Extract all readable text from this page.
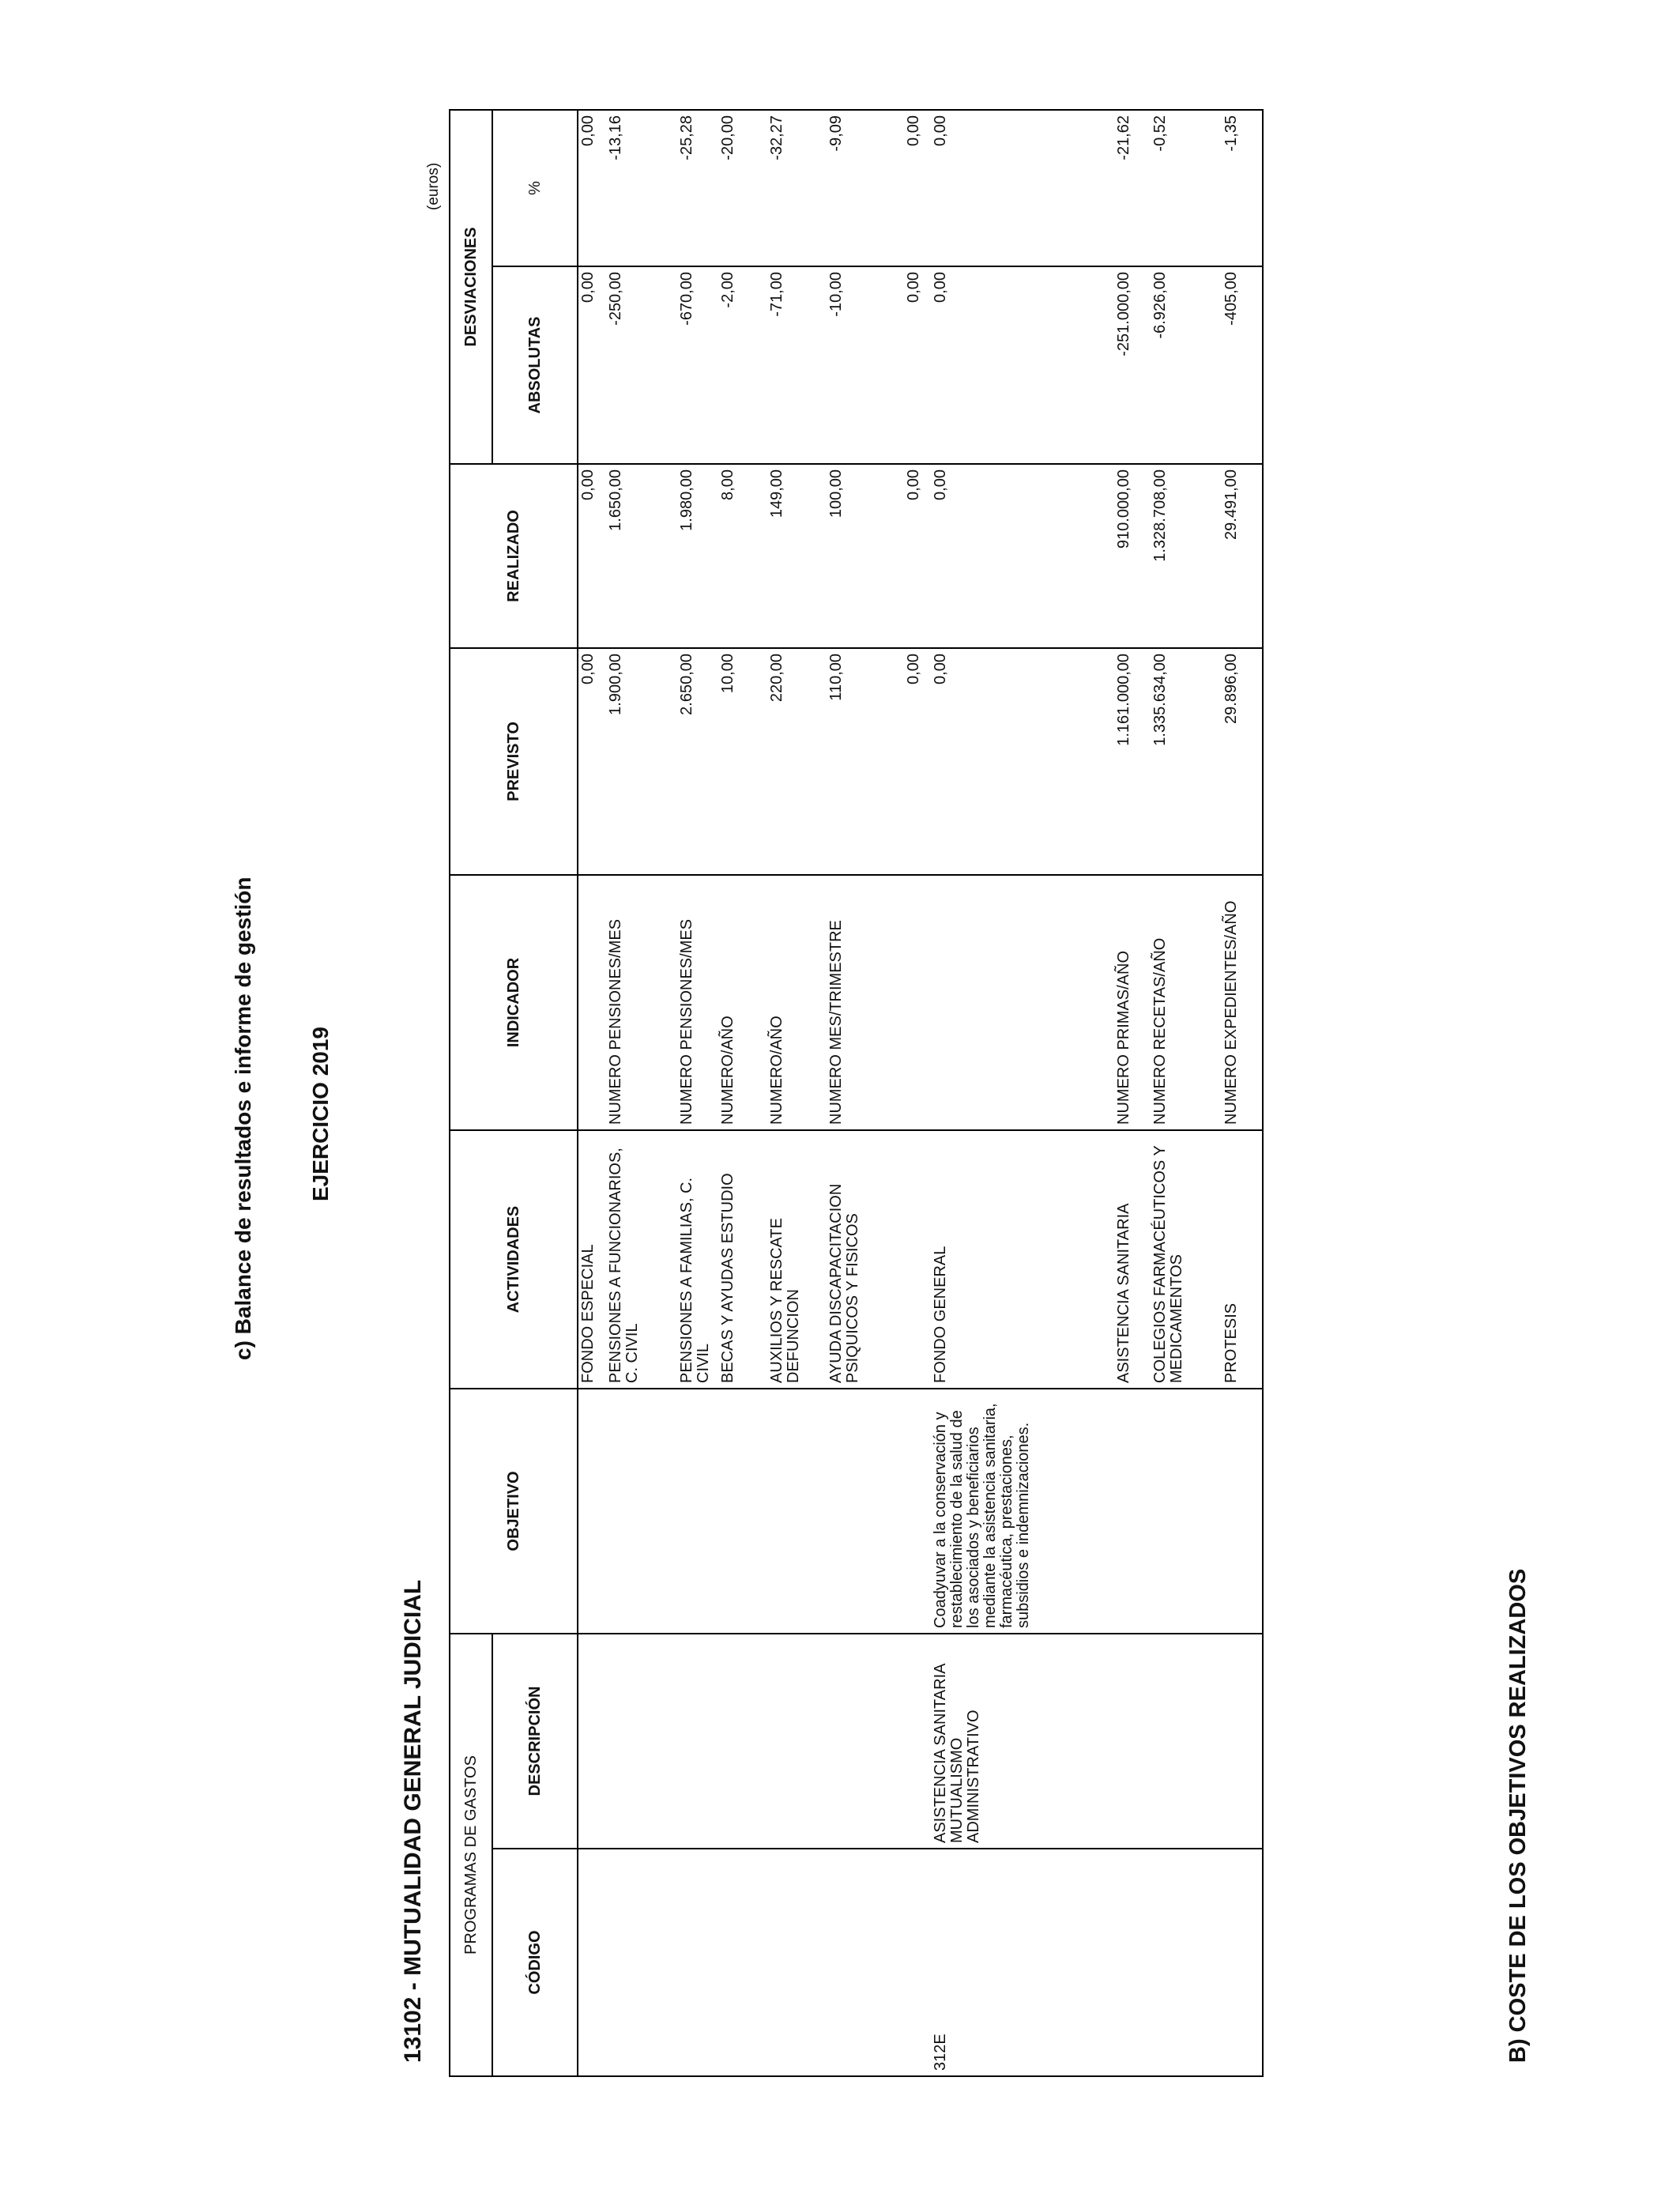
c) Balance de resultados e informe de gestión EJERCICIO 2019
13102 - MUTUALIDAD GENERAL JUDICIAL
(euros)
PROGRAMAS DE GASTOS		OBJETIVO	ACTIVIDADES	INDICADOR	PREVISTO	REALIZADO	DESVIACIONES	
CÓDIGO	DESCRIPCIÓN						ABSOLUTAS	%
			FONDO ESPECIAL		0,00	0,00	0,00	0,00
			PENSIONES A FUNCIONARIOS, C. CIVIL	NUMERO PENSIONES/MES	1.900,00	1.650,00	-250,00	-13,16
			PENSIONES A FAMILIAS, C. CIVIL	NUMERO PENSIONES/MES	2.650,00	1.980,00	-670,00	-25,28
			BECAS Y AYUDAS ESTUDIO	NUMERO/AÑO	10,00	8,00	-2,00	-20,00
			AUXILIOS Y RESCATE DEFUNCION	NUMERO/AÑO	220,00	149,00	-71,00	-32,27
			AYUDA DISCAPACITACION PSIQUICOS Y FISICOS	NUMERO MES/TRIMESTRE	110,00	100,00	-10,00	-9,09
					0,00	0,00	0,00	0,00
312E	ASISTENCIA SANITARIA MUTUALISMO ADMINISTRATIVO	Coadyuvar a la conservación y restablecimiento de la salud de los asociados y beneficiarios mediante la asistencia sanitaria, farmacéutica, prestaciones, subsidios e indemnizaciones.	FONDO GENERAL		0,00	0,00	0,00	0,00
			ASISTENCIA SANITARIA	NUMERO PRIMAS/AÑO	1.161.000,00	910.000,00	-251.000,00	-21,62
			COLEGIOS FARMACÉUTICOS Y MEDICAMENTOS	NUMERO RECETAS/AÑO	1.335.634,00	1.328.708,00	-6.926,00	-0,52
			PROTESIS	NUMERO EXPEDIENTES/AÑO	29.896,00	29.491,00	-405,00	-1,35
B) COSTE DE LOS OBJETIVOS REALIZADOS
